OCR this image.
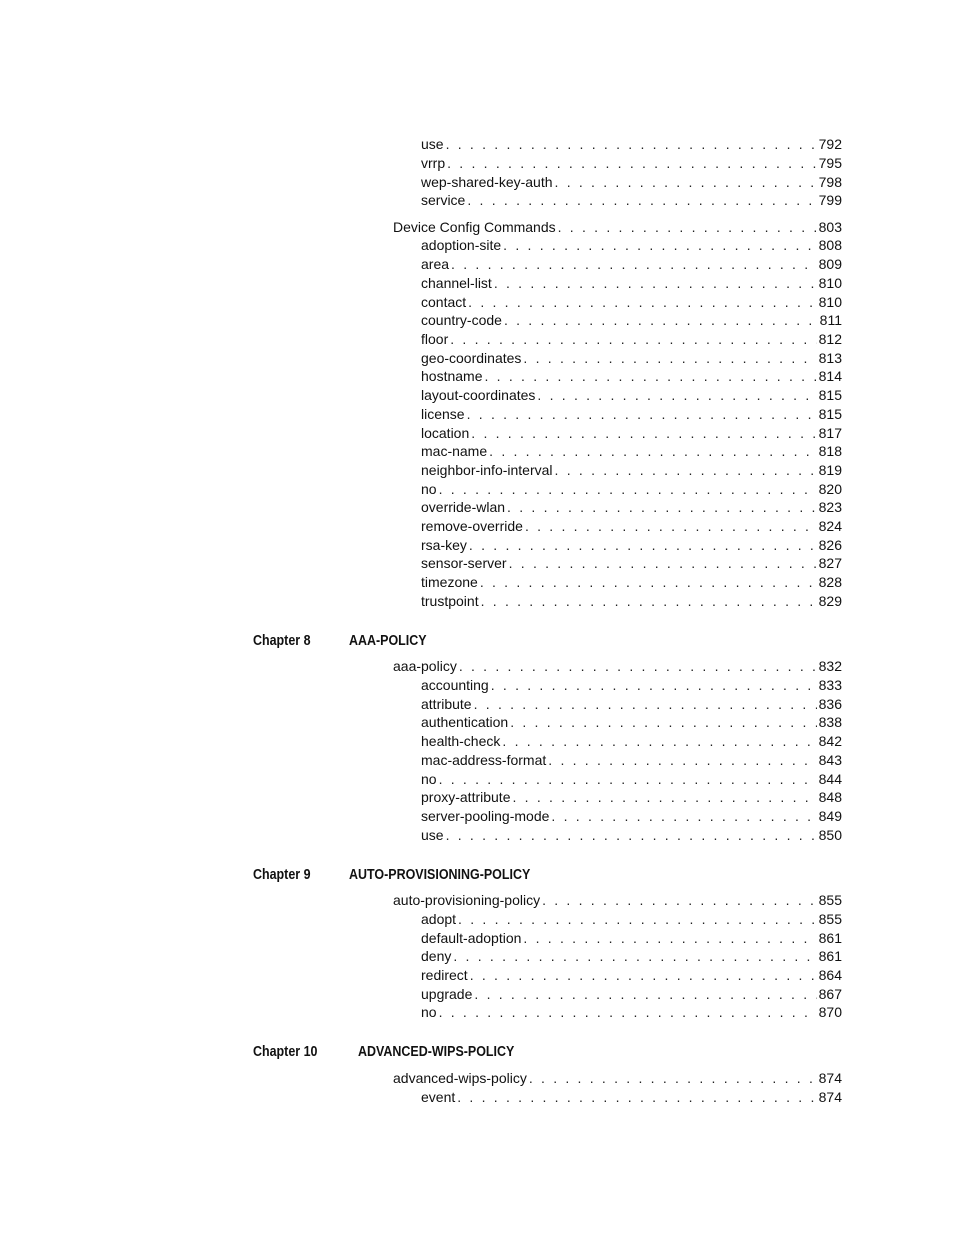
use . . .	792
vrrp . . .	795
wep-shared-key-auth . . .	798
service . . .	799
Device Config Commands . . .	803
adoption-site . . .	808
area . . .	809
channel-list . . .	810
contact . . .	810
country-code . . .	811
floor . . .	812
geo-coordinates . . .	813
hostname . . .	814
layout-coordinates . . .	815
license . . .	815
location . . .	817
mac-name . . .	818
neighbor-info-interval . . .	819
no . . .	820
override-wlan . . .	823
remove-override . . .	824
rsa-key . . .	826
sensor-server . . .	827
timezone . . .	828
trustpoint . . .	829
Chapter 8	AAA-POLICY
aaa-policy . . .	832
accounting . . .	833
attribute . . .	836
authentication . . .	838
health-check . . .	842
mac-address-format . . .	843
no . . .	844
proxy-attribute . . .	848
server-pooling-mode . . .	849
use . . .	850
Chapter 9	AUTO-PROVISIONING-POLICY
auto-provisioning-policy . . .	855
adopt . . .	855
default-adoption . . .	861
deny . . .	861
redirect . . .	864
upgrade . . .	867
no . . .	870
Chapter 10	ADVANCED-WIPS-POLICY
advanced-wips-policy . . .	874
event . . .	874
